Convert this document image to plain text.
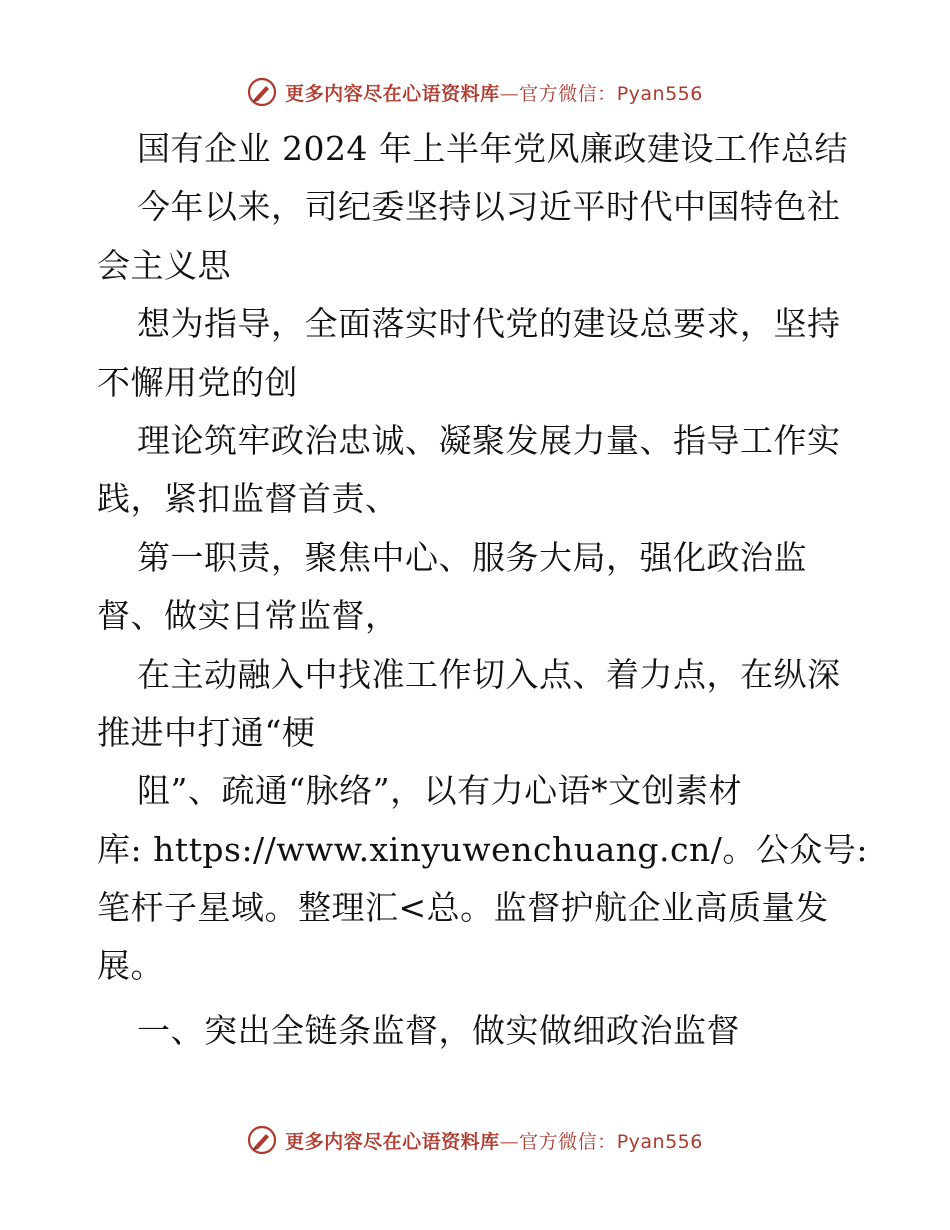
更多内容尽在心语资料库—官方微信：Pyan556
国有企业 2024 年上半年党风廉政建设工作总结
今年以来，司纪委坚持以习近平时代中国特色社
会主义思
想为指导，全面落实时代党的建设总要求，坚持
不懈用党的创
理论筑牢政治忠诚、凝聚发展力量、指导工作实
践，紧扣监督首责、
第一职责，聚焦中心、服务大局，强化政治监
督、做实日常监督，
在主动融入中找准工作切入点、着力点，在纵深
推进中打通“梗
阻”、疏通“脉络”，以有力心语*文创素材
库: https://www.xinyuwenchuang.cn/。公众号:
笔杆子星域。整理汇<总。监督护航企业高质量发
展。
一、突出全链条监督，做实做细政治监督
更多内容尽在心语资料库—官方微信：Pyan556
